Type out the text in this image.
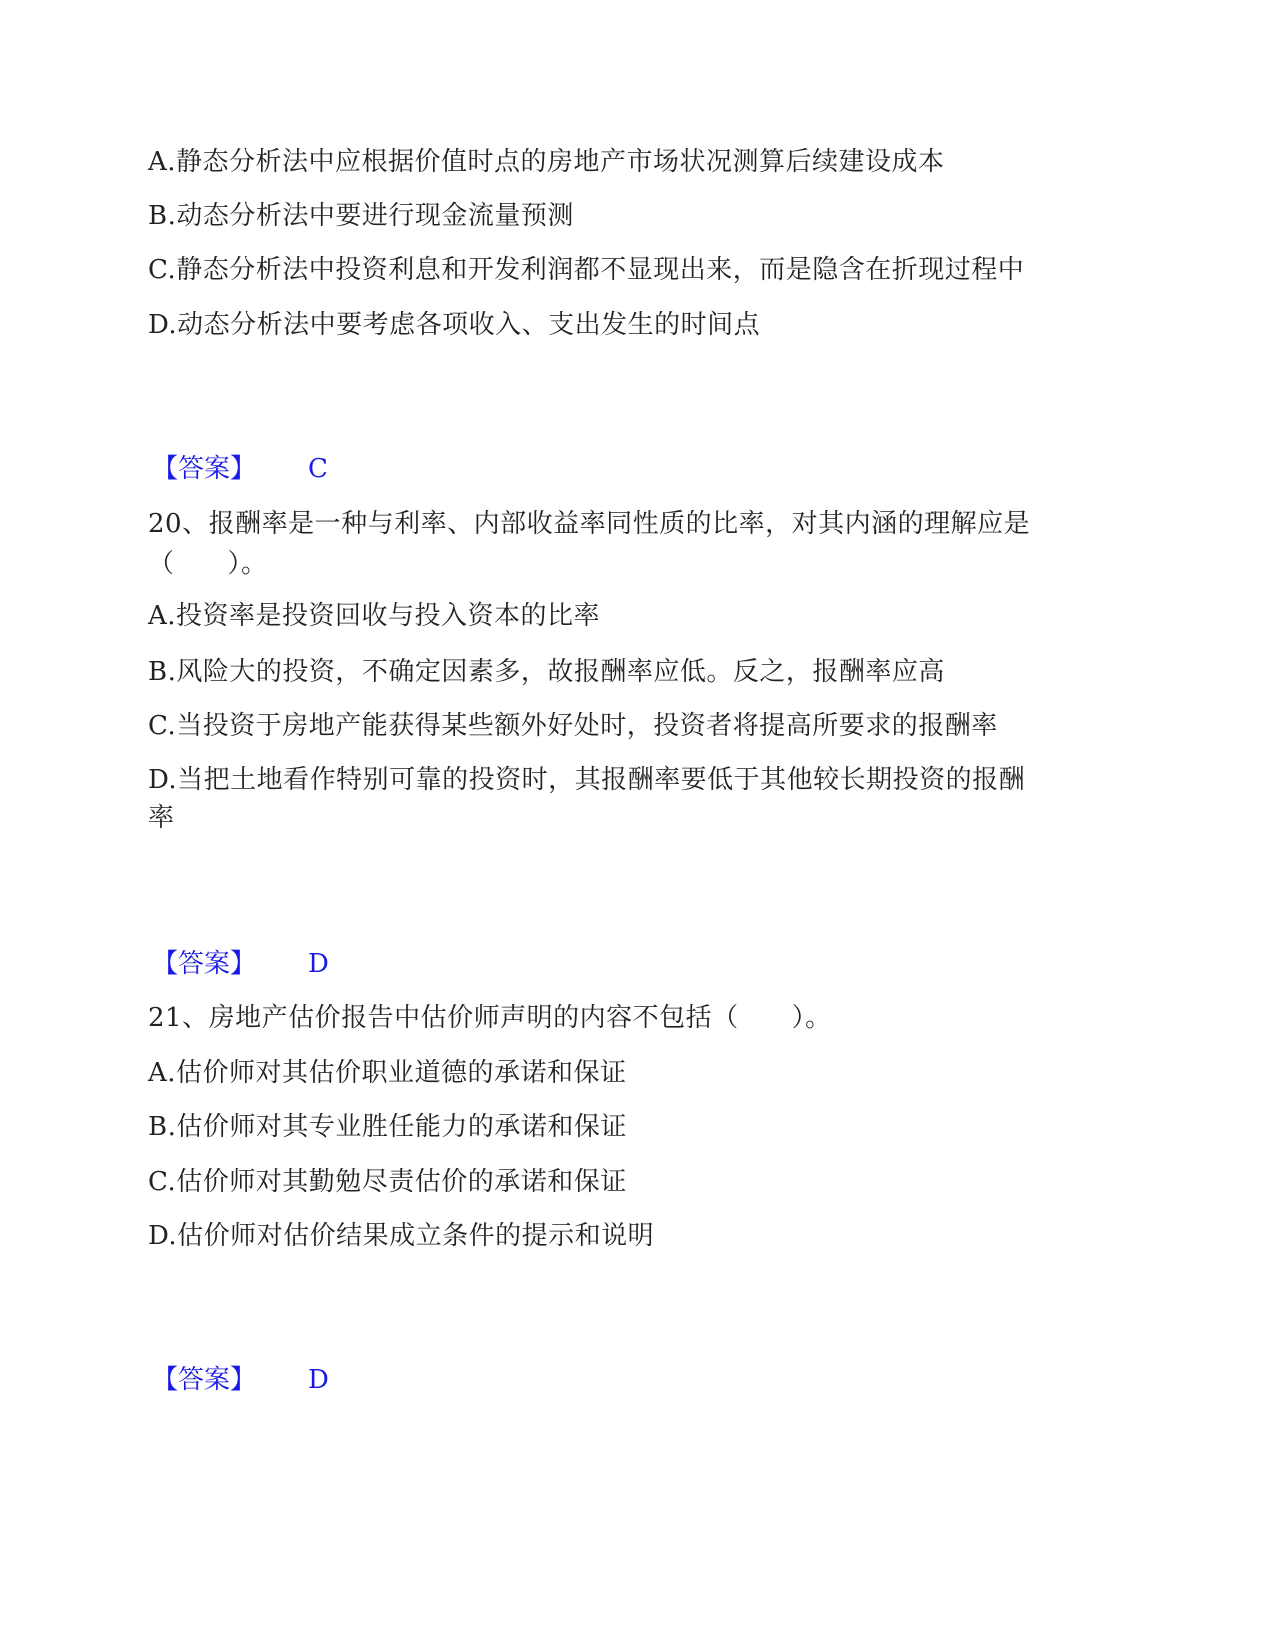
A.静态分析法中应根据价值时点的房地产市场状况测算后续建设成本
B.动态分析法中要进行现金流量预测
C.静态分析法中投资利息和开发利润都不显现出来，而是隐含在折现过程中
D.动态分析法中要考虑各项收入、支出发生的时间点
【答案】 C
20、报酬率是一种与利率、内部收益率同性质的比率，对其内涵的理解应是
（　　）。
A.投资率是投资回收与投入资本的比率
B.风险大的投资，不确定因素多，故报酬率应低。反之，报酬率应高
C.当投资于房地产能获得某些额外好处时，投资者将提高所要求的报酬率
D.当把土地看作特别可靠的投资时，其报酬率要低于其他较长期投资的报酬
率
【答案】 D
21、房地产估价报告中估价师声明的内容不包括（　　）。
A.估价师对其估价职业道德的承诺和保证
B.估价师对其专业胜任能力的承诺和保证
C.估价师对其勤勉尽责估价的承诺和保证
D.估价师对估价结果成立条件的提示和说明
【答案】 D
